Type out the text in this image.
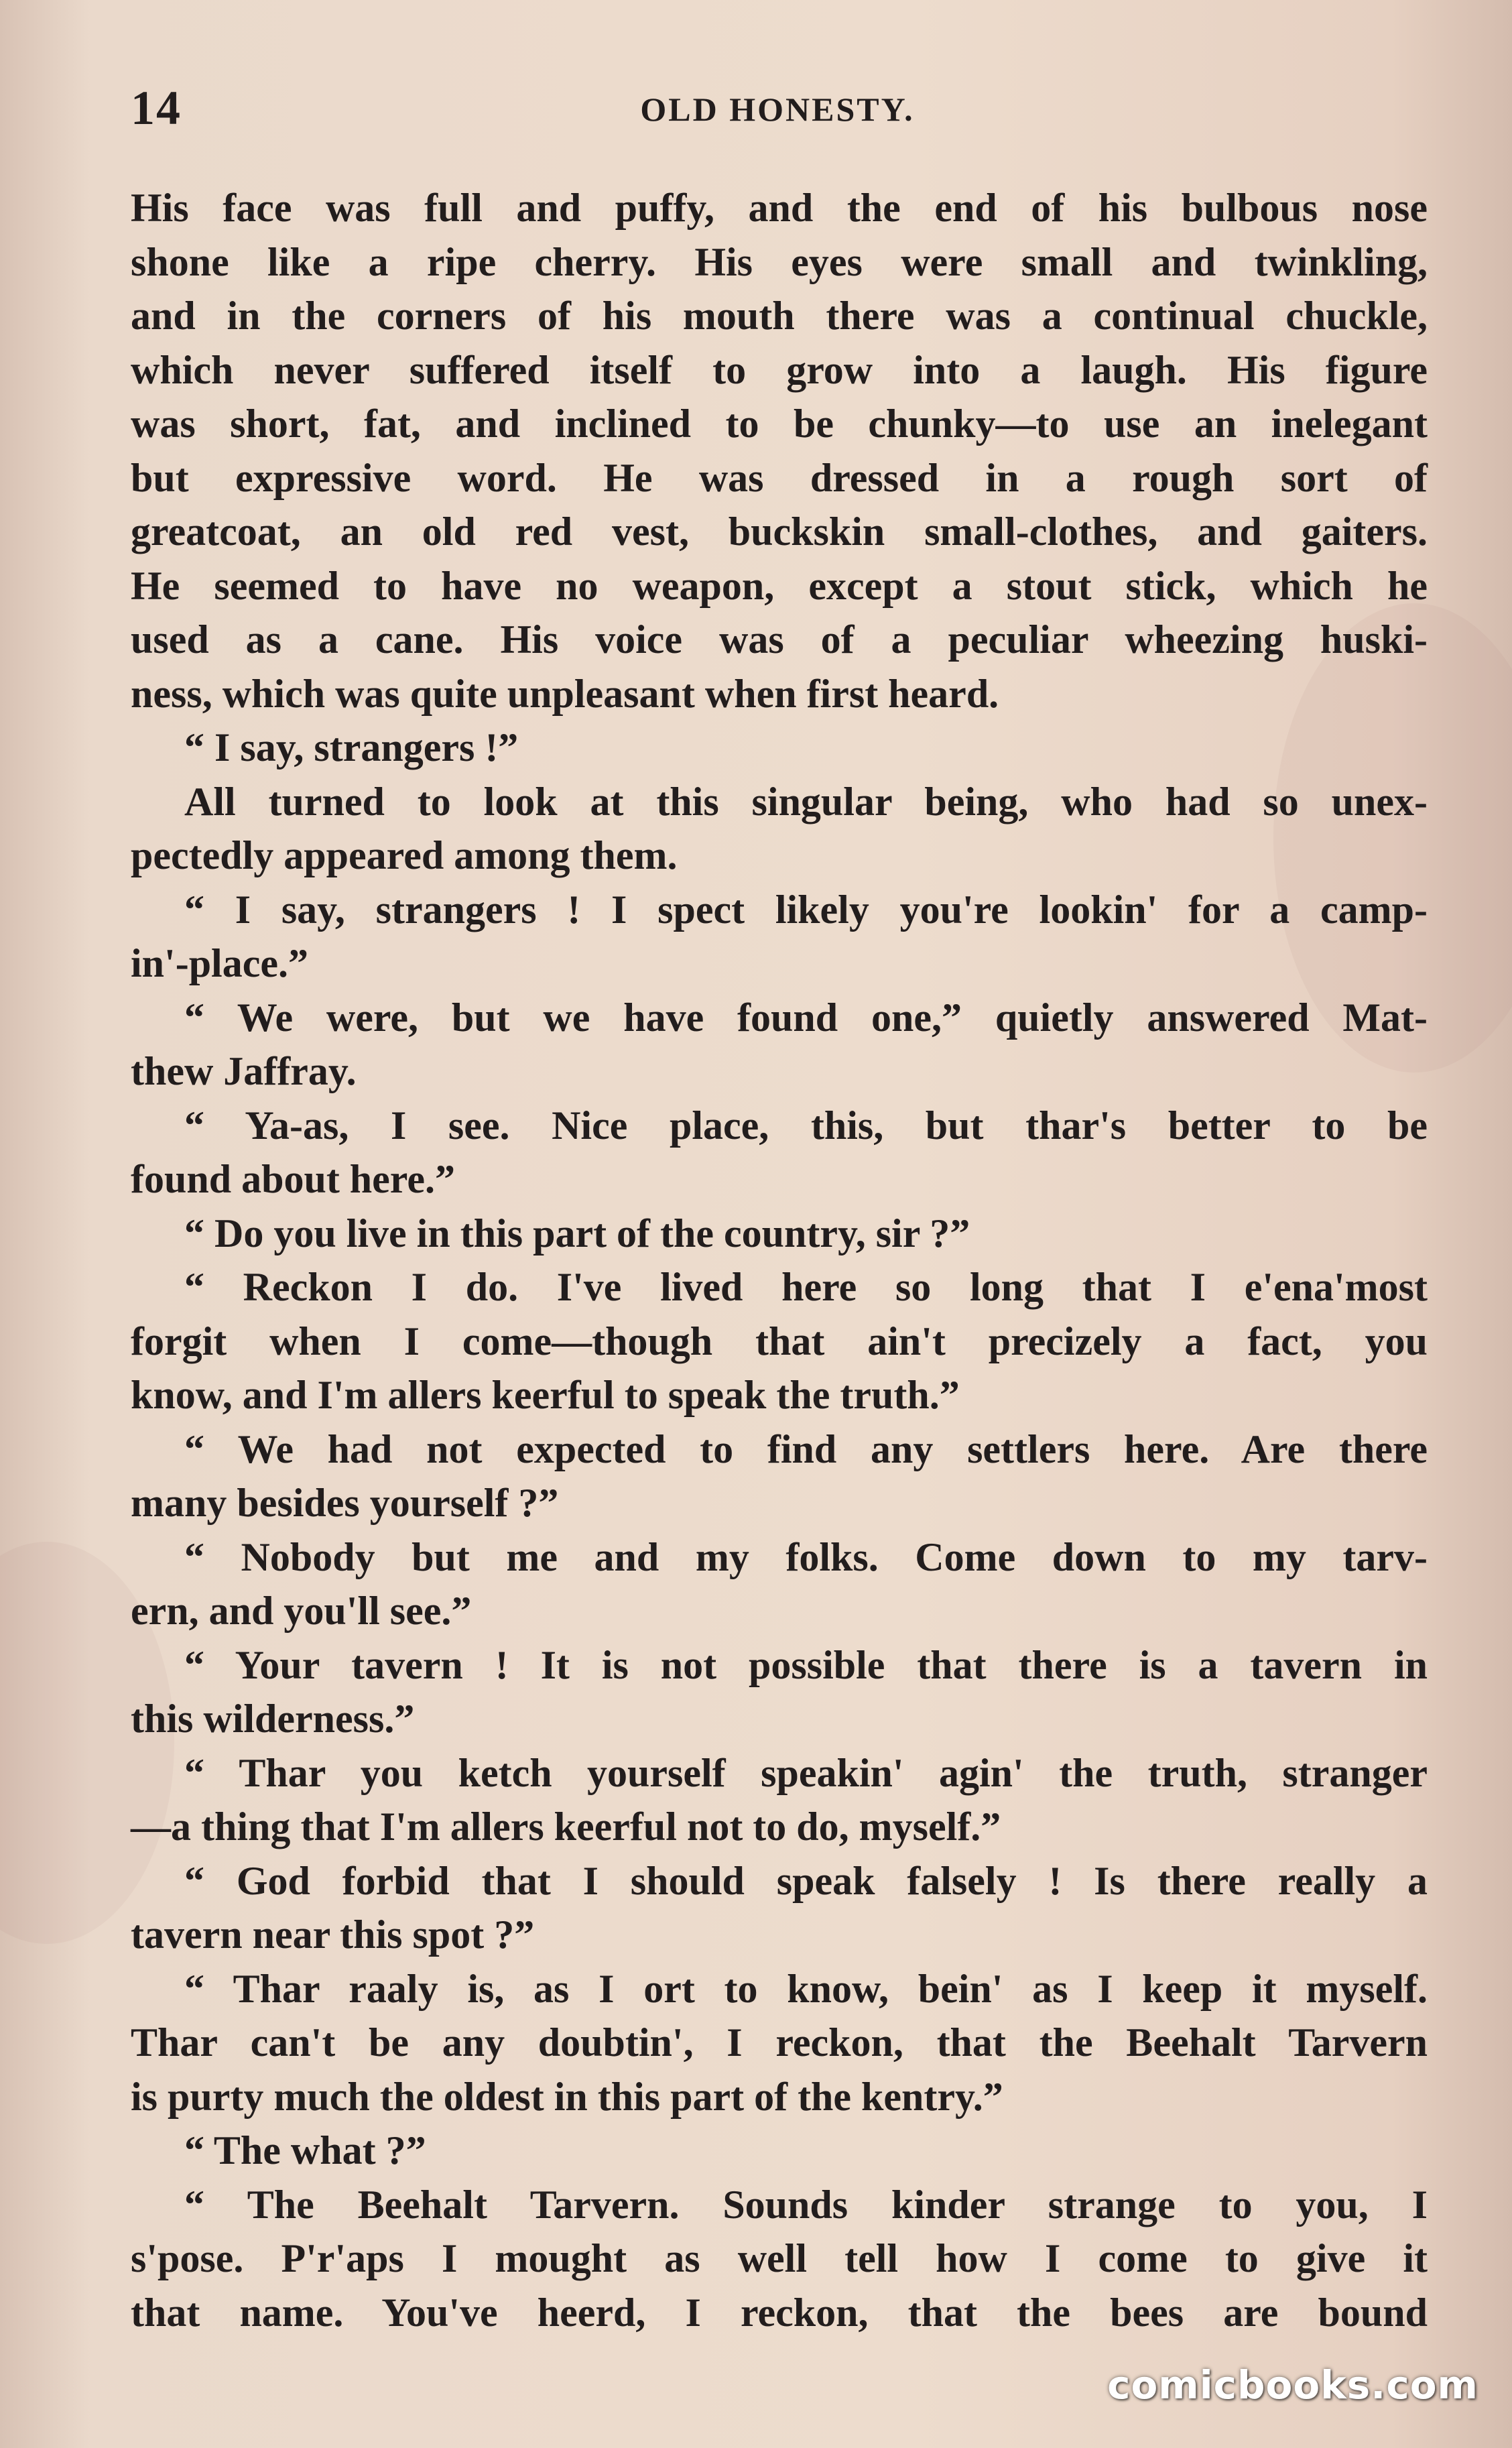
14	OLD HONESTY.
His face was full and puffy, and the end of his bulbous nose
shone like a ripe cherry. His eyes were small and twinkling,
and in the corners of his mouth there was a continual chuckle,
which never suffered itself to grow into a laugh. His figure
was short, fat, and inclined to be chunky—to use an inelegant
but expressive word. He was dressed in a rough sort of
greatcoat, an old red vest, buckskin small-clothes, and gaiters.
He seemed to have no weapon, except a stout stick, which he
used as a cane. His voice was of a peculiar wheezing huski-
ness, which was quite unpleasant when first heard.
“ I say, strangers !”
All turned to look at this singular being, who had so unex-
pectedly appeared among them.
“ I say, strangers ! I spect likely you're lookin' for a camp-
in'-place.”
“ We were, but we have found one,” quietly answered Mat-
thew Jaffray.
“ Ya-as, I see. Nice place, this, but thar's better to be
found about here.”
“ Do you live in this part of the country, sir ?”
“ Reckon I do. I've lived here so long that I e'ena'most
forgit when I come—though that ain't precizely a fact, you
know, and I'm allers keerful to speak the truth.”
“ We had not expected to find any settlers here. Are there
many besides yourself ?”
“ Nobody but me and my folks. Come down to my tarv-
ern, and you'll see.”
“ Your tavern ! It is not possible that there is a tavern in
this wilderness.”
“ Thar you ketch yourself speakin' agin' the truth, stranger
—a thing that I'm allers keerful not to do, myself.”
“ God forbid that I should speak falsely ! Is there really a
tavern near this spot ?”
“ Thar raaly is, as I ort to know, bein' as I keep it myself.
Thar can't be any doubtin', I reckon, that the Beehalt Tarvern
is purty much the oldest in this part of the kentry.”
“ The what ?”
“ The Beehalt Tarvern. Sounds kinder strange to you, I
s'pose. P'r'aps I mought as well tell how I come to give it
that name. You've heerd, I reckon, that the bees are bound
comicbooks.com
